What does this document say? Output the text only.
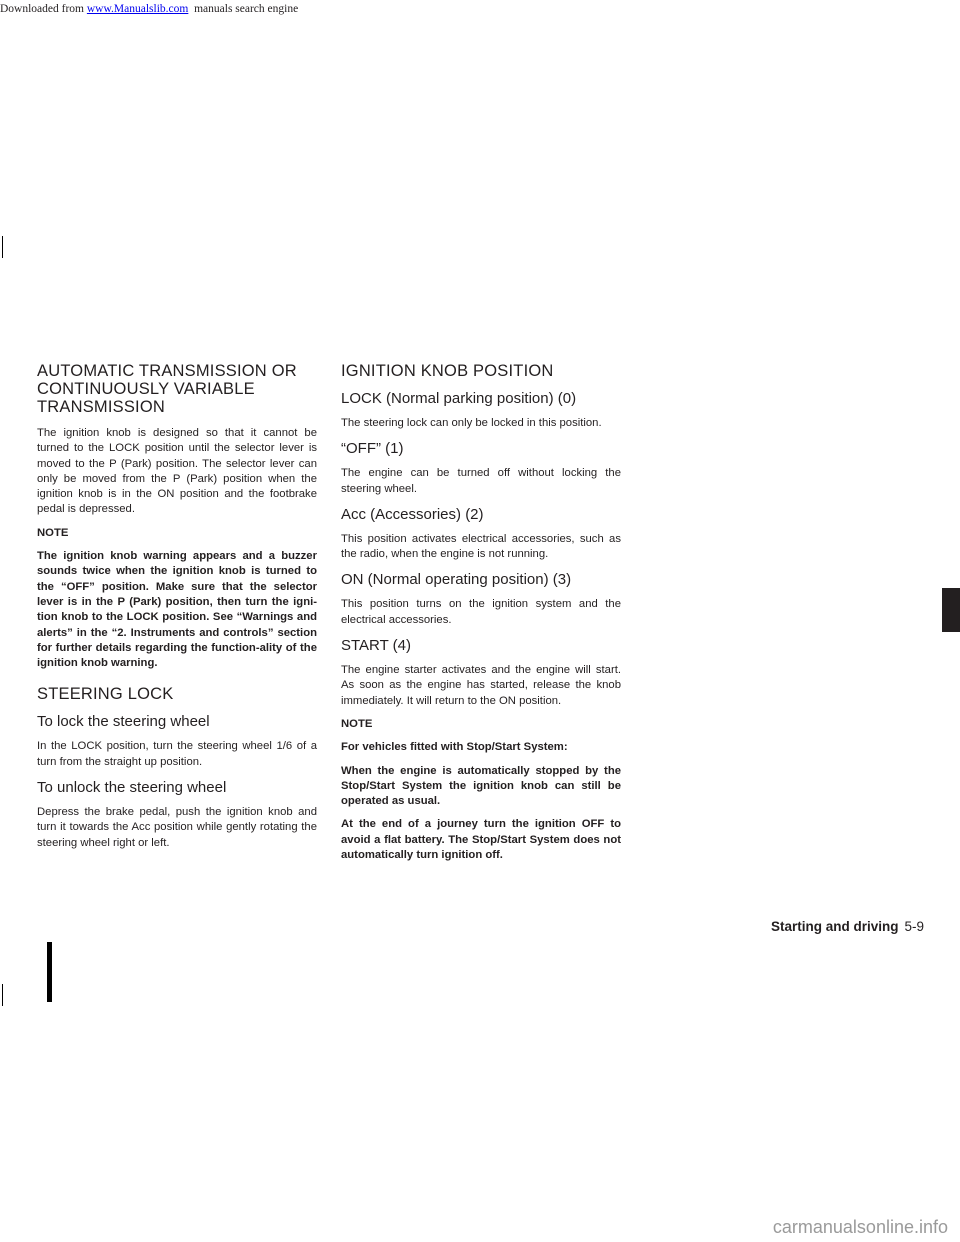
Downloaded from www.Manualslib.com  manuals search engine
AUTOMATIC TRANSMISSION OR CONTINUOUSLY VARIABLE TRANSMISSION

The ignition knob is designed so that it cannot be turned to the LOCK position until the selector lever is moved to the P (Park) position. The selector lever can only be moved from the P (Park) position when the ignition knob is in the ON position and the footbrake pedal is depressed.

NOTE

The ignition knob warning appears and a buzzer sounds twice when the ignition knob is turned to the “OFF” position. Make sure that the selector lever is in the P (Park) position, then turn the igni-tion knob to the LOCK position. See “Warnings and alerts” in the “2. Instruments and controls” section for further details regarding the function-ality of the ignition knob warning.

STEERING LOCK
To lock the steering wheel

In the LOCK position, turn the steering wheel 1/6 of a turn from the straight up position.

To unlock the steering wheel

Depress the brake pedal, push the ignition knob and turn it towards the Acc position while gently rotating the steering wheel right or left.

IGNITION KNOB POSITION
LOCK (Normal parking position) (0)

The steering lock can only be locked in this position.

“OFF” (1)

The engine can be turned off without locking the steering wheel.

Acc (Accessories) (2)

This position activates electrical accessories, such as the radio, when the engine is not running.

ON (Normal operating position) (3)

This position turns on the ignition system and the electrical accessories.

START (4)

The engine starter activates and the engine will start. As soon as the engine has started, release the knob immediately. It will return to the ON position.

NOTE

For vehicles fitted with Stop/Start System:

When the engine is automatically stopped by the Stop/Start System the ignition knob can still be operated as usual.

At the end of a journey turn the ignition OFF to avoid a flat battery. The Stop/Start System does not automatically turn ignition off.

Starting and driving 5-9
carmanualsonline.info
